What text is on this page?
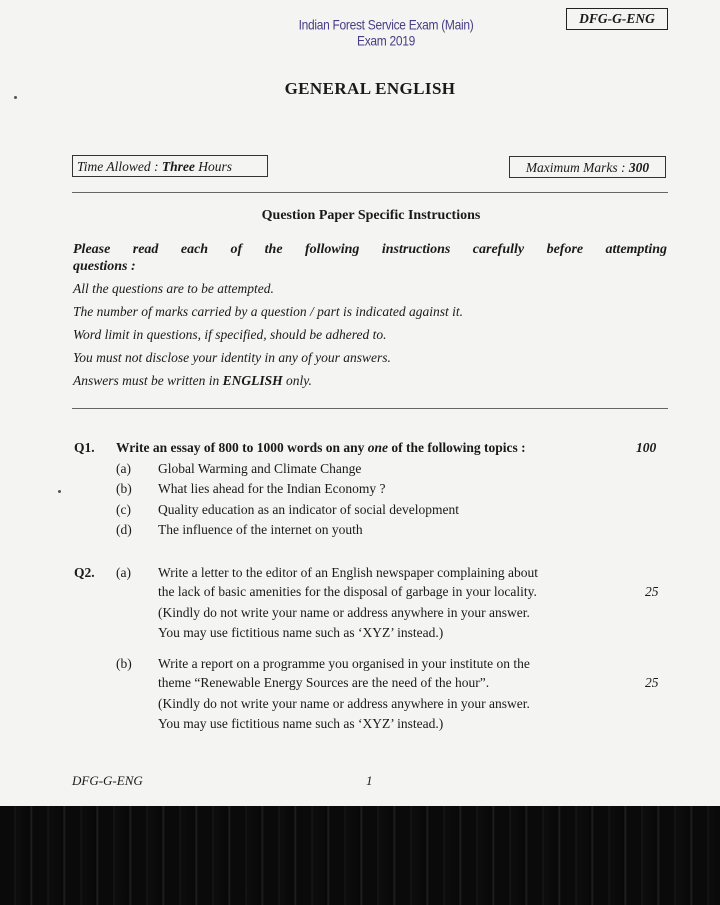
Indian Forest Service Exam (Main) Exam 2019
DFG-G-ENG
GENERAL ENGLISH
Time Allowed : Three Hours	Maximum Marks : 300
Question Paper Specific Instructions
Please read each of the following instructions carefully before attempting
questions :
All the questions are to be attempted.
The number of marks carried by a question / part is indicated against it.
Word limit in questions, if specified, should be adhered to.
You must not disclose your identity in any of your answers.
Answers must be written in ENGLISH only.
Q1. Write an essay of 800 to 1000 words on any one of the following topics :	100
(a) Global Warming and Climate Change
(b) What lies ahead for the Indian Economy ?
(c) Quality education as an indicator of social development
(d) The influence of the internet on youth
Q2. (a) Write a letter to the editor of an English newspaper complaining about
the lack of basic amenities for the disposal of garbage in your locality.	25
(Kindly do not write your name or address anywhere in your answer.
You may use fictitious name such as ‘XYZ’ instead.)
(b) Write a report on a programme you organised in your institute on the
theme “Renewable Energy Sources are the need of the hour”.	25
(Kindly do not write your name or address anywhere in your answer.
You may use fictitious name such as ‘XYZ’ instead.)
DFG-G-ENG	1
